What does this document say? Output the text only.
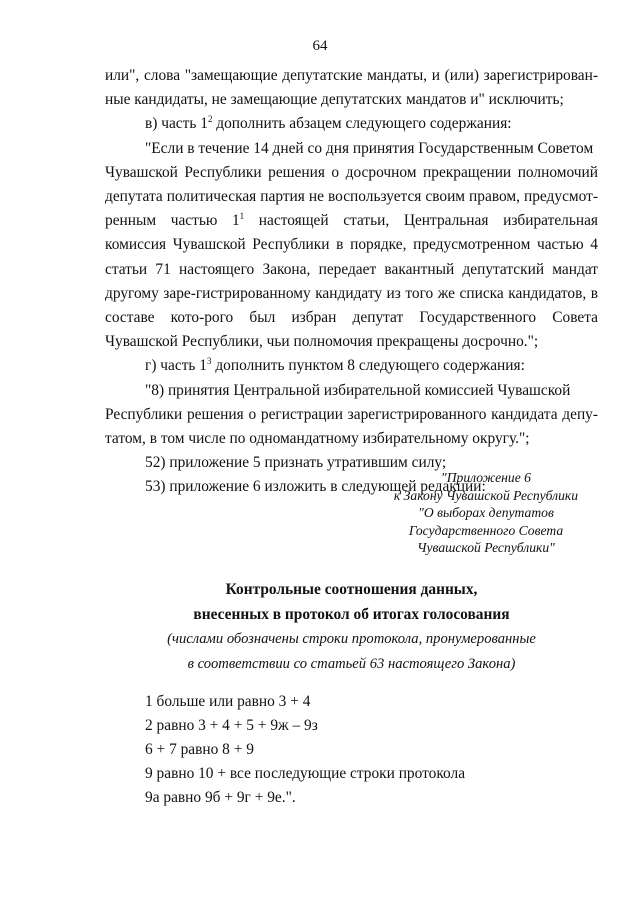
64

или", слова "замещающие депутатские мандаты, и (или) зарегистрирован-ные кандидаты, не замещающие депутатских мандатов и" исключить;

в) часть $1^2$ дополнить абзацем следующего содержания:

"Если в течение 14 дней со дня принятия Государственным Советом

Чувашской Республики решения о досрочном прекращении полномочий депутата политическая партия не воспользуется своим правом, предусмот-ренным частью $1^1$ настоящей статьи, Центральная избирательная комиссия Чувашской Республики в порядке, предусмотренном частью 4 статьи 71 настоящего Закона, передает вакантный депутатский мандат другому заре-гистрированному кандидату из того же списка кандидатов, в составе кото-рого был избран депутат Государственного Совета Чувашской Республики, чьи полномочия прекращены досрочно.";

г) часть $1^3$ дополнить пунктом 8 следующего содержания:

"8) принятия Центральной избирательной комиссией Чувашской

Республики решения о регистрации зарегистрированного кандидата депу-татом, в том числе по одномандатному избирательному округу.";

52) приложение 5 признать утратившим силу;

53) приложение 6 изложить в следующей редакции:

"Приложение 6
к Закону Чувашской Республики
"О выборах депутатов
Государственного Совета
Чувашской Республики"
Контрольные соотношения данных,
внесенных в протокол об итогах голосования
(числами обозначены строки протокола, пронумерованные
в соответствии со статьей 63 настоящего Закона)
1 больше или равно 3 + 4
2 равно 3 + 4 + 5 + 9ж – 9з
6 + 7 равно 8 + 9
9 равно 10 + все последующие строки протокола
9а равно 9б + 9г + 9е.".
